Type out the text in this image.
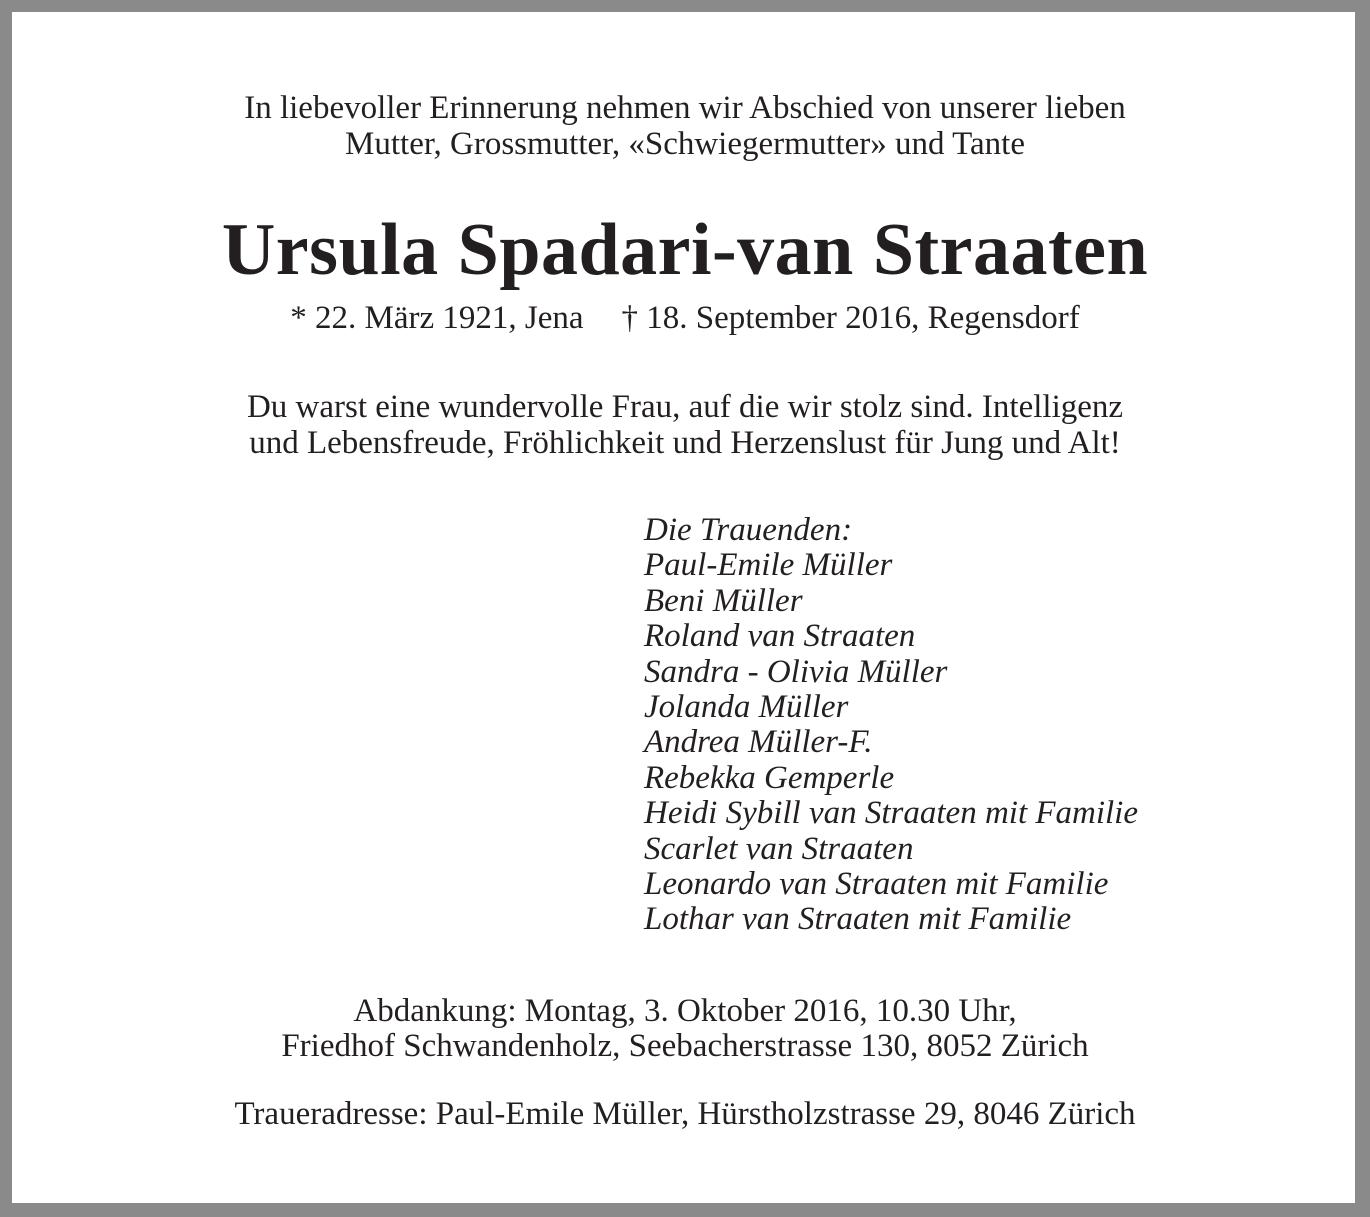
In liebevoller Erinnerung nehmen wir Abschied von unserer lieben
Mutter, Grossmutter, «Schwiegermutter» und Tante
Ursula Spadari-van Straaten
* 22. März 1921, Jena † 18. September 2016, Regensdorf
Du warst eine wundervolle Frau, auf die wir stolz sind. Intelligenz
und Lebensfreude, Fröhlichkeit und Herzenslust für Jung und Alt!
Die Trauenden:
Paul-Emile Müller
Beni Müller
Roland van Straaten
Sandra - Olivia Müller
Jolanda Müller
Andrea Müller-F.
Rebekka Gemperle
Heidi Sybill van Straaten mit Familie
Scarlet van Straaten
Leonardo van Straaten mit Familie
Lothar van Straaten mit Familie
Abdankung: Montag, 3. Oktober 2016, 10.30 Uhr,
Friedhof Schwandenholz, Seebacherstrasse 130, 8052 Zürich
Traueradresse: Paul-Emile Müller, Hürstholzstrasse 29, 8046 Zürich
